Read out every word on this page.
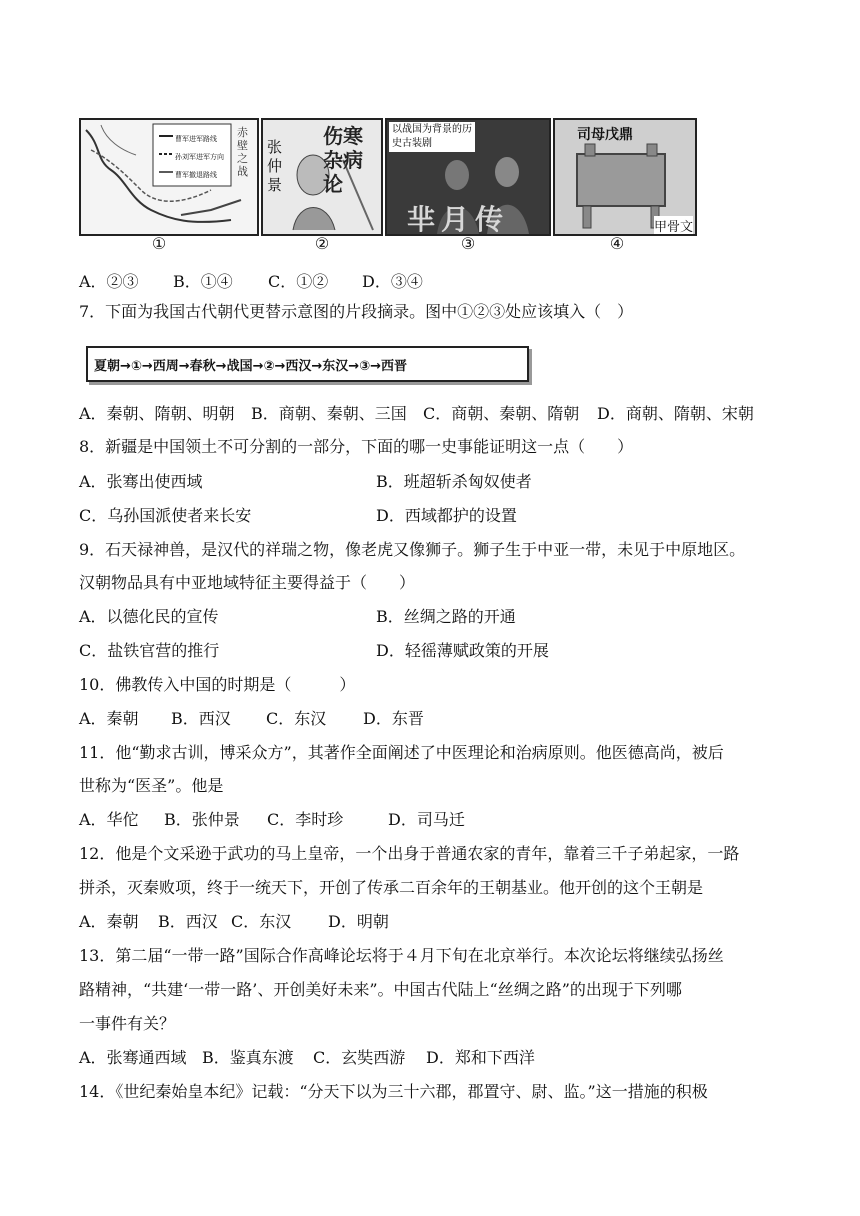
曹军进军路线
孙刘军进军方向
曹军撤退路线
赤壁之战
张仲景
伤寒杂病论
以战国为背景的历史古装剧
芈月传
司母戊鼎
甲骨文
①	②	③	④
A．②③ B．①④ C．①② D．③④
7．下面为我国古代朝代更替示意图的片段摘录。图中①②③处应该填入（　）
夏朝→①→西周→春秋→战国→②→西汉→东汉→③→西晋
A．秦朝、隋朝、明朝 B．商朝、秦朝、三国 C．商朝、秦朝、隋朝 D．商朝、隋朝、宋朝
8．新疆是中国领土不可分割的一部分，下面的哪一史事能证明这一点（　　）
A．张骞出使西域	B．班超斩杀匈奴使者
C．乌孙国派使者来长安	D．西域都护的设置
9．石天禄神兽，是汉代的祥瑞之物，像老虎又像狮子。狮子生于中亚一带，未见于中原地区。
汉朝物品具有中亚地域特征主要得益于（　　）
A．以德化民的宣传	B．丝绸之路的开通
C．盐铁官营的推行	D．轻徭薄赋政策的开展
10．佛教传入中国的时期是（　　　）
A．秦朝 B．西汉 C．东汉 D．东晋
11．他“勤求古训，博采众方”，其著作全面阐述了中医理论和治病原则。他医德高尚，被后
世称为“医圣”。他是
A．华佗 B．张仲景 C．李时珍	D．司马迁
12．他是个文采逊于武功的马上皇帝，一个出身于普通农家的青年，靠着三千子弟起家，一路
拼杀，灭秦败项，终于一统天下，开创了传承二百余年的王朝基业。他开创的这个王朝是
A．秦朝 B．西汉 C．东汉 D．明朝
13．第二届“一带一路”国际合作高峰论坛将于４月下旬在北京举行。本次论坛将继续弘扬丝
路精神，“共建‘一带一路’、开创美好未来”。中国古代陆上“丝绸之路”的出现于下列哪
一事件有关？
A．张骞通西域 B．鉴真东渡 C．玄奘西游 D．郑和下西洋
14．《世纪秦始皇本纪》记载：“分天下以为三十六郡，郡置守、尉、监。”这一措施的积极
